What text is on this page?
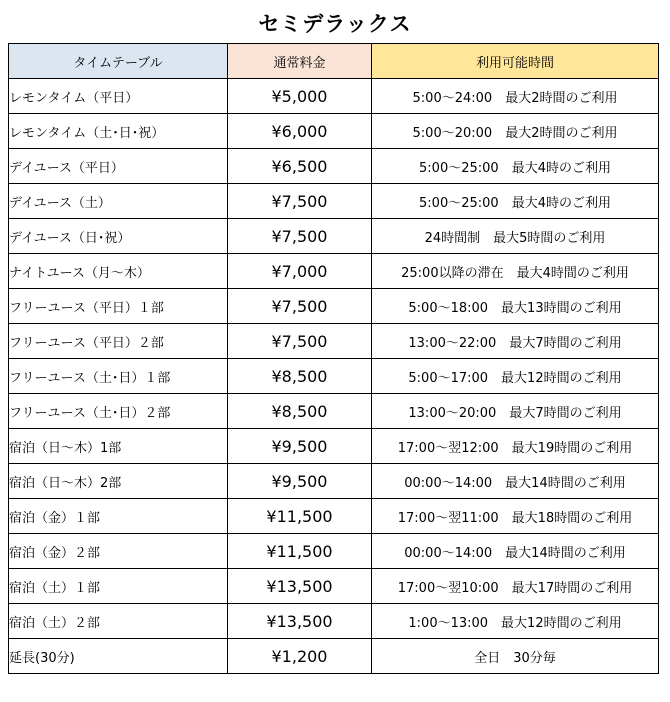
セミデラックス
タイムテーブル	通常料金	利用可能時間
レモンタイム（平日）	¥5,000	5:00〜24:00　最大2時間のご利用
レモンタイム（土･日･祝）	¥6,000	5:00〜20:00　最大2時間のご利用
デイユース（平日）	¥6,500	5:00〜25:00　最大4時のご利用
デイユース（土）	¥7,500	5:00〜25:00　最大4時のご利用
デイユース（日･祝）	¥7,500	24時間制　最大5時間のご利用
ナイトユース（月〜木）	¥7,000	25:00以降の滞在　最大4時間のご利用
フリーユース（平日）１部	¥7,500	5:00〜18:00　最大13時間のご利用
フリーユース（平日）２部	¥7,500	13:00〜22:00　最大7時間のご利用
フリーユース（土･日）１部	¥8,500	5:00〜17:00　最大12時間のご利用
フリーユース（土･日）２部	¥8,500	13:00〜20:00　最大7時間のご利用
宿泊（日〜木）1部	¥9,500	17:00〜翌12:00　最大19時間のご利用
宿泊（日〜木）2部	¥9,500	00:00〜14:00　最大14時間のご利用
宿泊（金）１部	¥11,500	17:00〜翌11:00　最大18時間のご利用
宿泊（金）２部	¥11,500	00:00〜14:00　最大14時間のご利用
宿泊（土）１部	¥13,500	17:00〜翌10:00　最大17時間のご利用
宿泊（土）２部	¥13,500	1:00〜13:00　最大12時間のご利用
延長(30分)	¥1,200	全日　30分毎
